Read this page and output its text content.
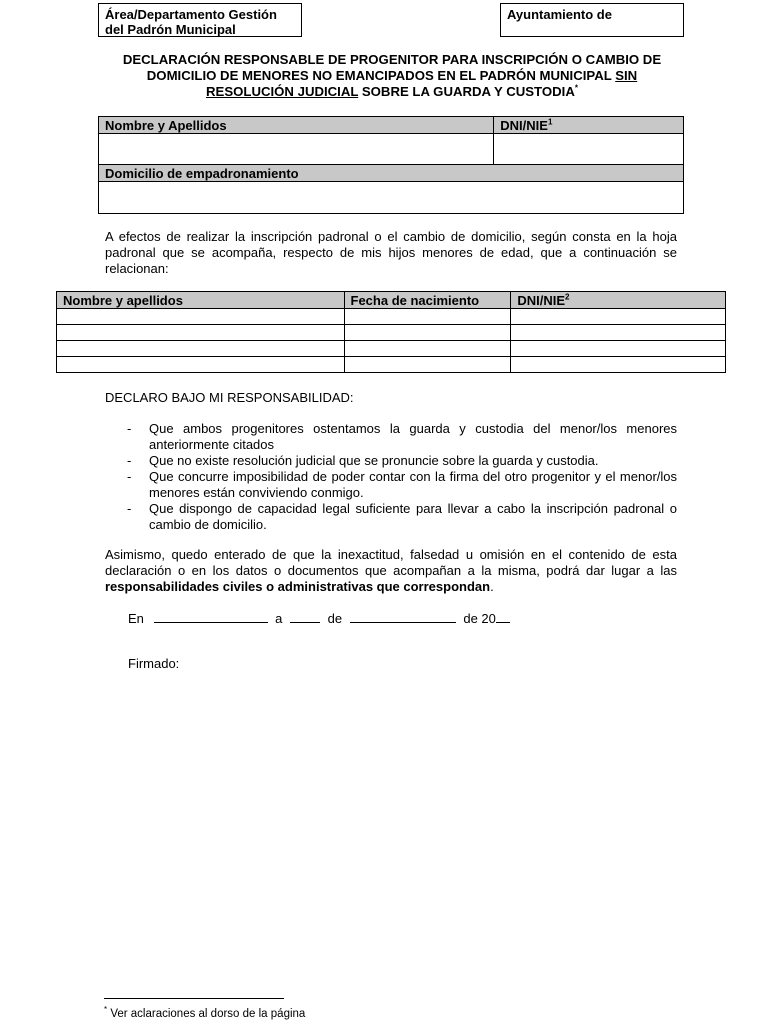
Área/Departamento Gestión del Padrón Municipal
Ayuntamiento de
DECLARACIÓN RESPONSABLE DE PROGENITOR PARA INSCRIPCIÓN O CAMBIO DE
DOMICILIO DE MENORES NO EMANCIPADOS EN EL PADRÓN MUNICIPAL SIN
RESOLUCIÓN JUDICIAL SOBRE LA GUARDA Y CUSTODIA*
Nombre y Apellidos	DNI/NIE$^1$

Domicilio de empadronamiento	

A efectos de realizar la inscripción padronal o el cambio de domicilio, según consta en la hoja padronal que se acompaña, respecto de mis hijos menores de edad, que a continuación se relacionan:
Nombre y apellidos	Fecha de nacimiento	DNI/NIE$^2$

DECLARO BAJO MI RESPONSABILIDAD:
- Que ambos progenitores ostentamos la guarda y custodia del menor/los menores anteriormente citados
- Que no existe resolución judicial que se pronuncie sobre la guarda y custodia.
- Que concurre imposibilidad de poder contar con la firma del otro progenitor y el menor/los menores están conviviendo conmigo.
- Que dispongo de capacidad legal suficiente para llevar a cabo la inscripción padronal o cambio de domicilio.
Asimismo, quedo enterado de que la inexactitud, falsedad u omisión en el contenido de esta declaración o en los datos o documentos que acompañan a la misma, podrá dar lugar a las responsabilidades civiles o administrativas que correspondan.
En	a	de	de 20
Firmado:
* Ver aclaraciones al dorso de la página
